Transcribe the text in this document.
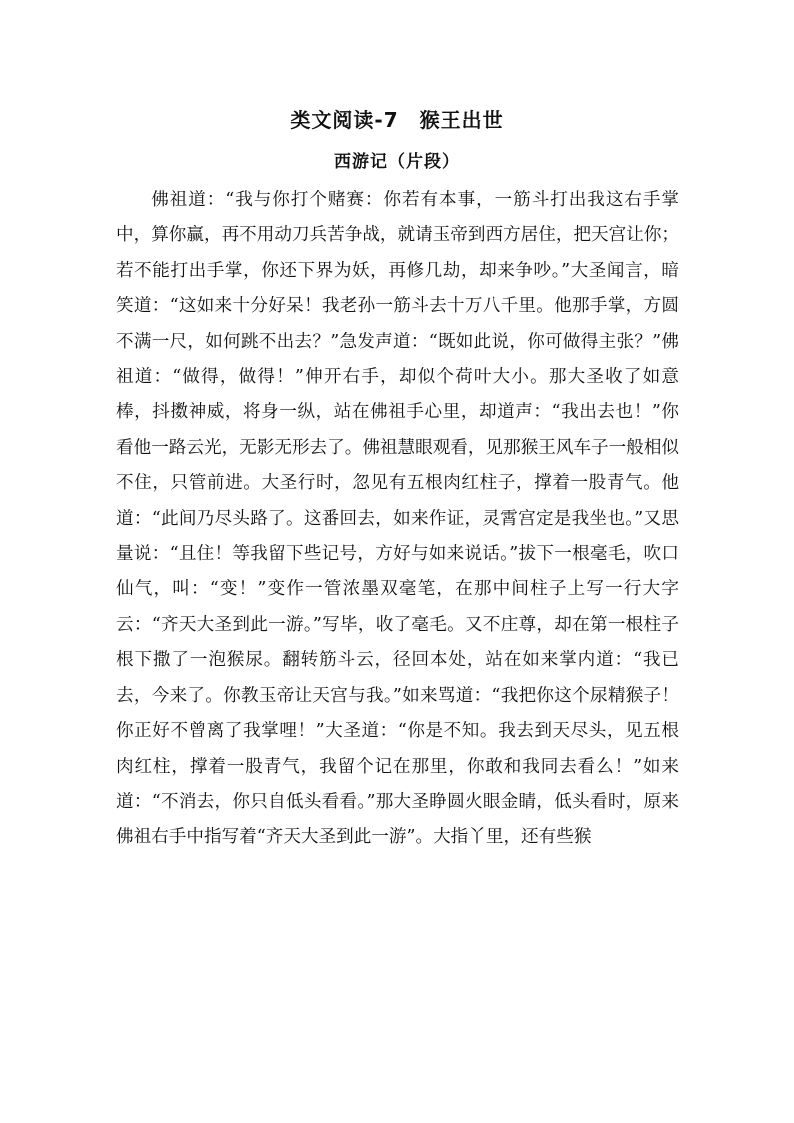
类文阅读-7　猴王出世
西游记（片段）

佛祖道：“我与你打个赌赛：你若有本事，一筋斗打出我这右手掌中，算你赢，再不用动刀兵苦争战，就请玉帝到西方居住，把天宫让你；若不能打出手掌，你还下界为妖，再修几劫，却来争吵。”大圣闻言，暗笑道：“这如来十分好呆！我老孙一筋斗去十万八千里。他那手掌，方圆不满一尺，如何跳不出去？”急发声道：“既如此说，你可做得主张？”佛祖道：“做得，做得！”伸开右手，却似个荷叶大小。那大圣收了如意棒，抖擞神威，将身一纵，站在佛祖手心里，却道声：“我出去也！”你看他一路云光，无影无形去了。佛祖慧眼观看，见那猴王风车子一般相似不住，只管前进。大圣行时，忽见有五根肉红柱子，撑着一股青气。他道：“此间乃尽头路了。这番回去，如来作证，灵霄宫定是我坐也。”又思量说：“且住！等我留下些记号，方好与如来说话。”拔下一根毫毛，吹口仙气，叫：“变！”变作一管浓墨双毫笔，在那中间柱子上写一行大字云：“齐天大圣到此一游。”写毕，收了毫毛。又不庄尊，却在第一根柱子根下撒了一泡猴尿。翻转筋斗云，径回本处，站在如来掌内道：“我已去，今来了。你教玉帝让天宫与我。”如来骂道：“我把你这个尿精猴子！你正好不曾离了我掌哩！”大圣道：“你是不知。我去到天尽头，见五根肉红柱，撑着一股青气，我留个记在那里，你敢和我同去看么！”如来道：“不消去，你只自低头看看。”那大圣睁圆火眼金睛，低头看时，原来佛祖右手中指写着“齐天大圣到此一游”。大指丫里，还有些猴
